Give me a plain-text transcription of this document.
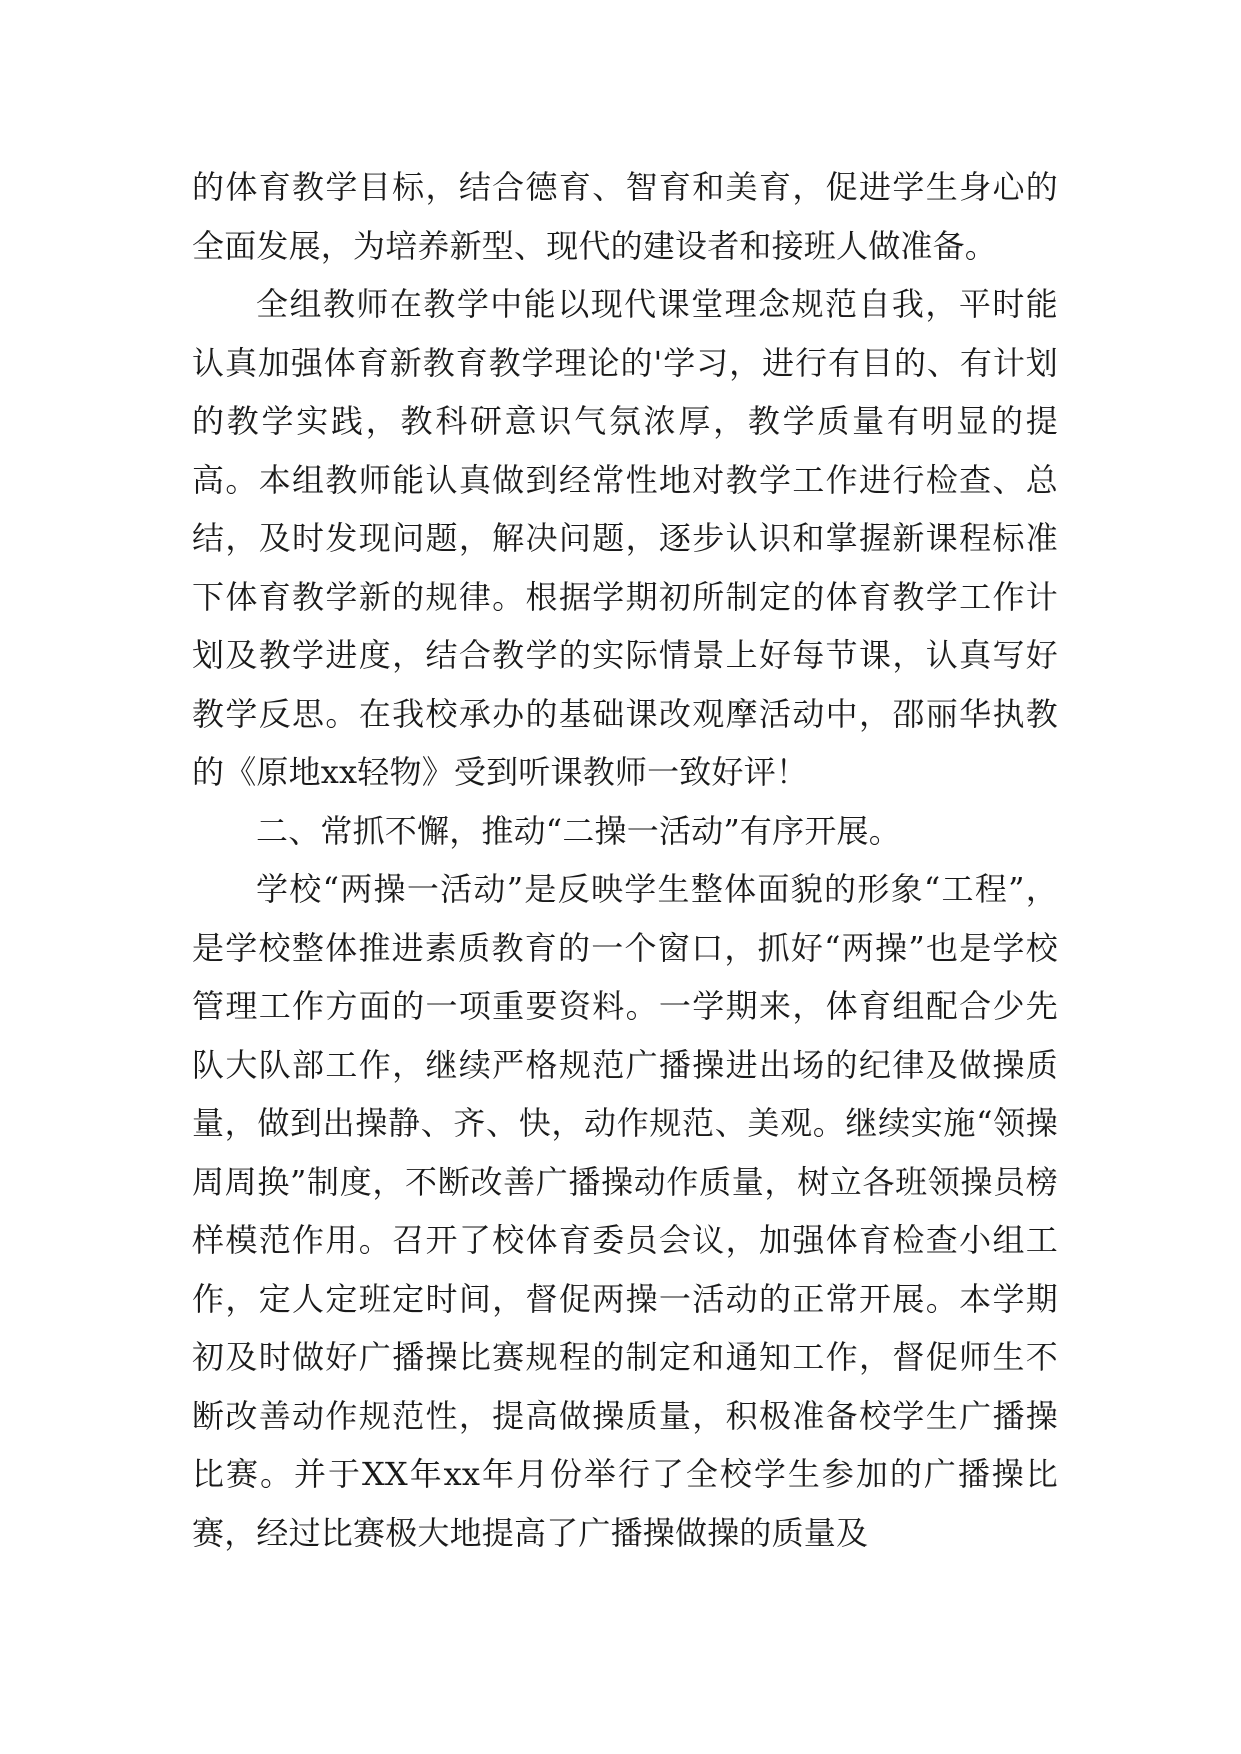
的体育教学目标，结合德育、智育和美育，促进学生身心的全面发展，为培养新型、现代的建设者和接班人做准备。

全组教师在教学中能以现代课堂理念规范自我，平时能认真加强体育新教育教学理论的'学习，进行有目的、有计划的教学实践，教科研意识气氛浓厚，教学质量有明显的提高。本组教师能认真做到经常性地对教学工作进行检查、总结，及时发现问题，解决问题，逐步认识和掌握新课程标准下体育教学新的规律。根据学期初所制定的体育教学工作计划及教学进度，结合教学的实际情景上好每节课，认真写好教学反思。在我校承办的基础课改观摩活动中，邵丽华执教的《原地xx轻物》受到听课教师一致好评！

二、常抓不懈，推动“二操一活动”有序开展。

学校“两操一活动”是反映学生整体面貌的形象“工程”，是学校整体推进素质教育的一个窗口，抓好“两操”也是学校管理工作方面的一项重要资料。一学期来，体育组配合少先队大队部工作，继续严格规范广播操进出场的纪律及做操质量，做到出操静、齐、快，动作规范、美观。继续实施“领操周周换”制度，不断改善广播操动作质量，树立各班领操员榜样模范作用。召开了校体育委员会议，加强体育检查小组工作，定人定班定时间，督促两操一活动的正常开展。本学期初及时做好广播操比赛规程的制定和通知工作，督促师生不断改善动作规范性，提高做操质量，积极准备校学生广播操比赛。并于XX年xx年月份举行了全校学生参加的广播操比赛，经过比赛极大地提高了广播操做操的质量及
